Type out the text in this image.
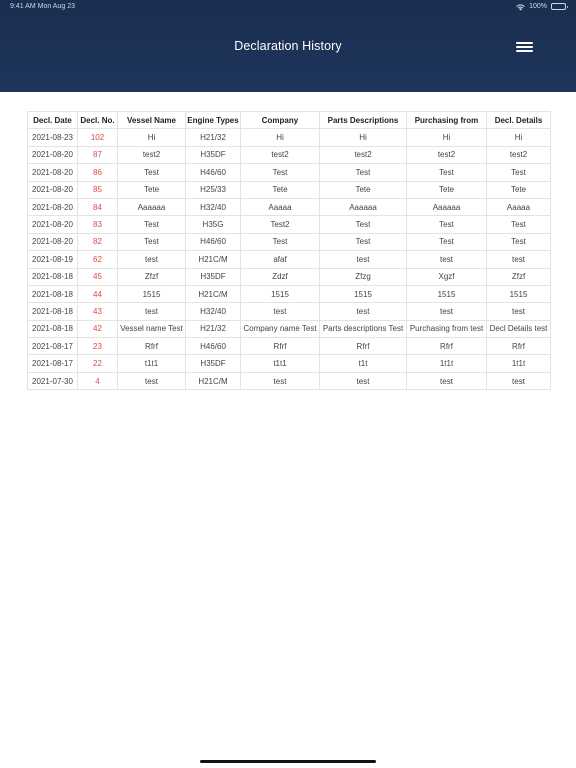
9:41 AM Mon Aug 23	100%
Declaration History
Decl. Date	Decl. No.	Vessel Name	Engine Types	Company	Parts Descriptions	Purchasing from	Decl. Details
2021-08-23	102	Hi	H21/32	Hi	Hi	Hi	Hi
2021-08-20	87	test2	H35DF	test2	test2	test2	test2
2021-08-20	86	Test	H46/60	Test	Test	Test	Test
2021-08-20	85	Tete	H25/33	Tete	Tete	Tete	Tete
2021-08-20	84	Aaaaaa	H32/40	Aaaaa	Aaaaaa	Aaaaaa	Aaaaa
2021-08-20	83	Test	H35G	Test2	Test	Test	Test
2021-08-20	82	Test	H46/60	Test	Test	Test	Test
2021-08-19	62	test	H21C/M	afaf	test	test	test
2021-08-18	45	Zfzf	H35DF	Zdzf	Zfzg	Xgzf	Zfzf
2021-08-18	44	1515	H21C/M	1515	1515	1515	1515
2021-08-18	43	test	H32/40	test	test	test	test
2021-08-18	42	Vessel name Test	H21/32	Company name Test	Parts descriptions Test	Purchasing from test	Decl Details test
2021-08-17	23	Rfrf	H46/60	Rfrf	Rfrf	Rfrf	Rfrf
2021-08-17	22	t1t1	H35DF	t1t1	t1t	1t1t	1t1t
2021-07-30	4	test	H21C/M	test	test	test	test
